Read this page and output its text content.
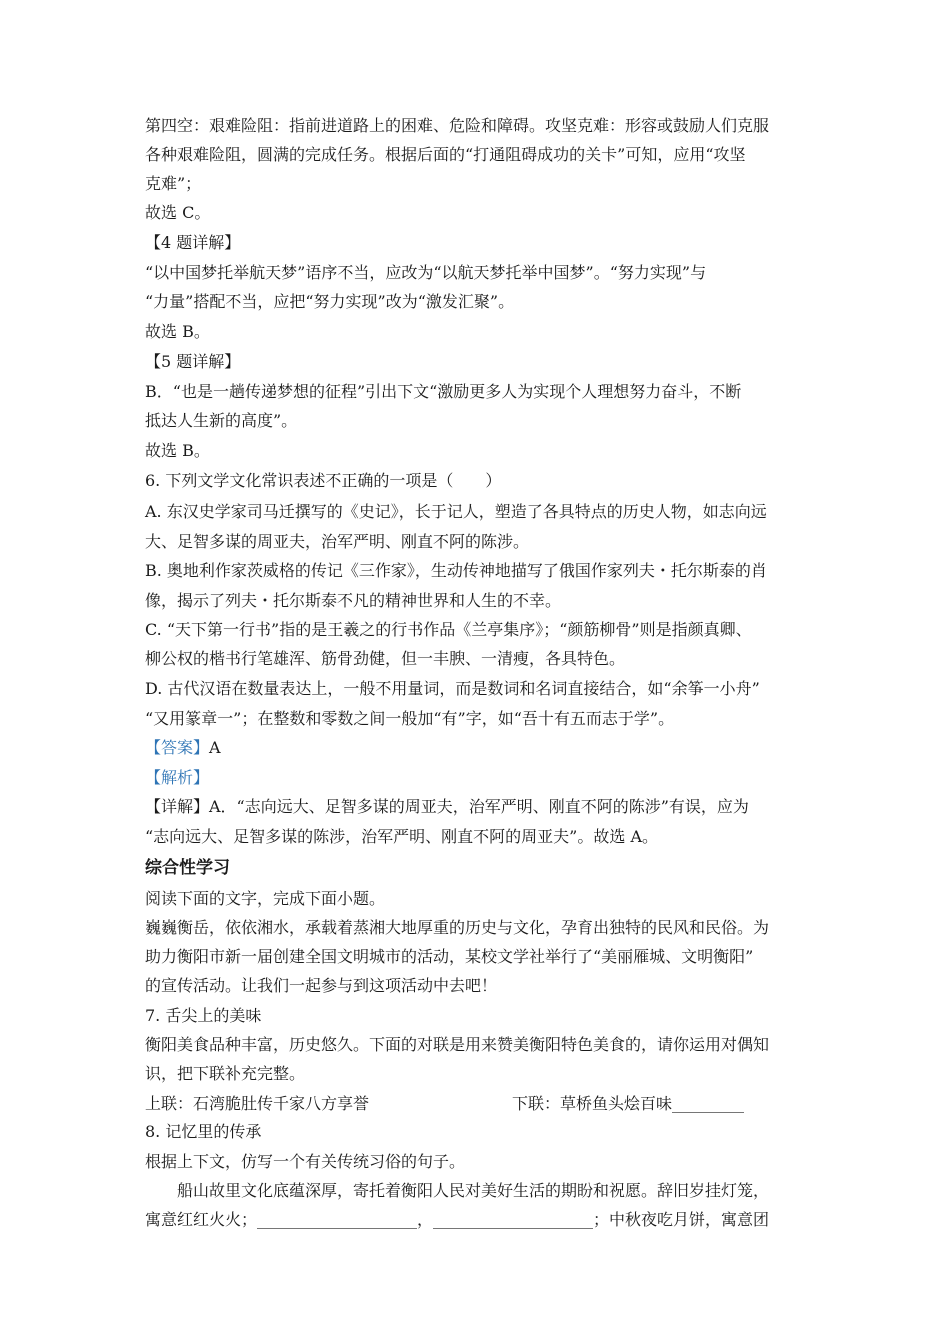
第四空：艰难险阻：指前进道路上的困难、危险和障碍。攻坚克难：形容或鼓励人们克服
各种艰难险阻，圆满的完成任务。根据后面的“打通阻碍成功的关卡”可知，应用“攻坚
克难”；
故选 C。
【4 题详解】
“以中国梦托举航天梦”语序不当，应改为“以航天梦托举中国梦”。“努力实现”与
“力量”搭配不当，应把“努力实现”改为“激发汇聚”。
故选 B。
【5 题详解】
B．“也是一趟传递梦想的征程”引出下文“激励更多人为实现个人理想努力奋斗，不断
抵达人生新的高度”。
故选 B。
6. 下列文学文化常识表述不正确的一项是（　　）
A. 东汉史学家司马迁撰写的《史记》，长于记人，塑造了各具特点的历史人物，如志向远
大、足智多谋的周亚夫，治军严明、刚直不阿的陈涉。
B. 奥地利作家茨威格的传记《三作家》，生动传神地描写了俄国作家列夫・托尔斯泰的肖
像，揭示了列夫・托尔斯泰不凡的精神世界和人生的不幸。
C. “天下第一行书”指的是王羲之的行书作品《兰亭集序》；“颜筋柳骨”则是指颜真卿、
柳公权的楷书行笔雄浑、筋骨劲健，但一丰腴、一清瘦，各具特色。
D. 古代汉语在数量表达上，一般不用量词，而是数词和名词直接结合，如“余筝一小舟”
“又用篆章一”；在整数和零数之间一般加“有”字，如“吾十有五而志于学”。
【答案】A
【解析】
【详解】A．“志向远大、足智多谋的周亚夫，治军严明、刚直不阿的陈涉”有误，应为
“志向远大、足智多谋的陈涉，治军严明、刚直不阿的周亚夫”。故选 A。
综合性学习
阅读下面的文字，完成下面小题。
巍巍衡岳，依依湘水，承载着蒸湘大地厚重的历史与文化，孕育出独特的民风和民俗。为
助力衡阳市新一届创建全国文明城市的活动，某校文学社举行了“美丽雁城、文明衡阳”
的宣传活动。让我们一起参与到这项活动中去吧！
7. 舌尖上的美味
衡阳美食品种丰富，历史悠久。下面的对联是用来赞美衡阳特色美食的，请你运用对偶知
识，把下联补充完整。
上联：石湾脆肚传千家八方享誉	下联：草桥鱼头烩百味_________
8. 记忆里的传承
根据上下文，仿写一个有关传统习俗的句子。
船山故里文化底蕴深厚，寄托着衡阳人民对美好生活的期盼和祝愿。辞旧岁挂灯笼，
寓意红红火火；____________________，____________________；中秋夜吃月饼，寓意团
